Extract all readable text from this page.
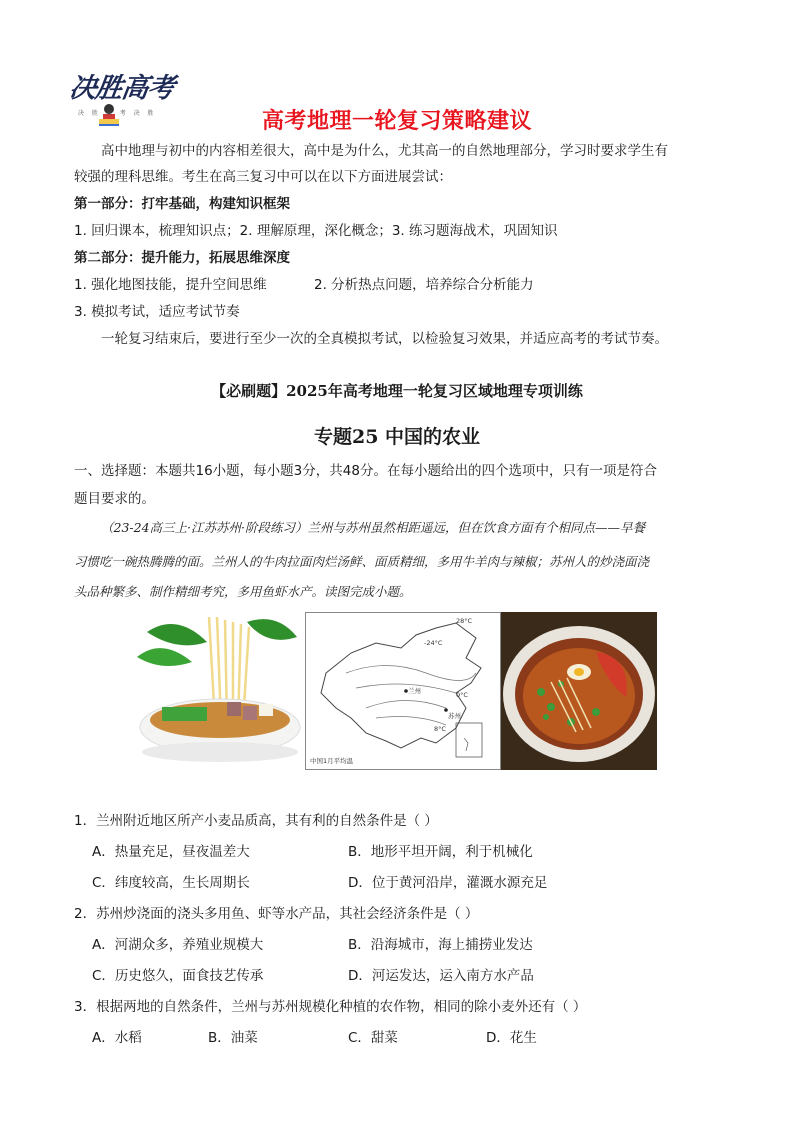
决胜高考
决 胜 高 考 决 胜	高考地理一轮复习策略建议
高中地理与初中的内容相差很大，高中是为什么，尤其高一的自然地理部分，学习时要求学生有
较强的理科思维。考生在高三复习中可以在以下方面进展尝试：
第一部分：打牢基础，构建知识框架
1. 回归课本，梳理知识点；2. 理解原理，深化概念；3. 练习题海战术，巩固知识
第二部分：提升能力，拓展思维深度
1. 强化地图技能，提升空间思维	2. 分析热点问题，培养综合分析能力
3. 模拟考试，适应考试节奏
一轮复习结束后，要进行至少一次的全真模拟考试，以检验复习效果，并适应高考的考试节奏。
【必刷题】2025年高考地理一轮复习区域地理专项训练
专题25 中国的农业
一、选择题：本题共16小题，每小题3分，共48分。在每小题给出的四个选项中，只有一项是符合
题目要求的。
（23-24高三上·江苏苏州·阶段练习）兰州与苏州虽然相距遥远，但在饮食方面有个相同点——早餐
习惯吃一碗热腾腾的面。兰州人的牛肉拉面肉烂汤鲜、面质精细，多用牛羊肉与辣椒；苏州人的炒浇面浇
头品种繁多、制作精细考究，多用鱼虾水产。读图完成小题。
28°C
-24°C
兰州	0°C
苏州
8°C
中国1月平均温
1．兰州附近地区所产小麦品质高，其有利的自然条件是（ ）
A．热量充足，昼夜温差大	B．地形平坦开阔，利于机械化
C．纬度较高，生长周期长	D．位于黄河沿岸，灌溉水源充足
2．苏州炒浇面的浇头多用鱼、虾等水产品，其社会经济条件是（ ）
A．河湖众多，养殖业规模大	B．沿海城市，海上捕捞业发达
C．历史悠久，面食技艺传承	D．河运发达，运入南方水产品
3．根据两地的自然条件，兰州与苏州规模化种植的农作物，相同的除小麦外还有（ ）
A．水稻	B．油菜	C．甜菜	D．花生
